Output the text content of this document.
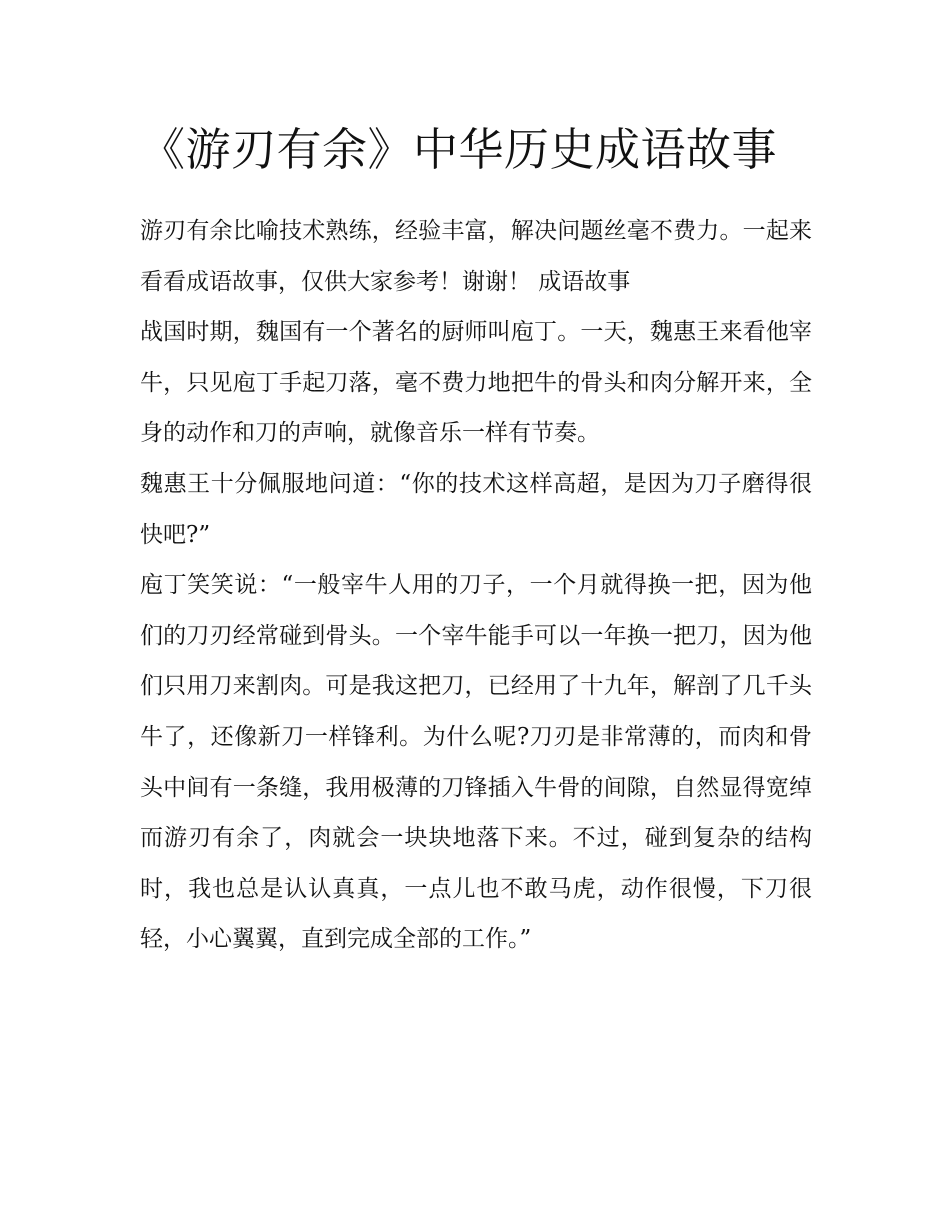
《游刃有余》中华历史成语故事

游刃有余比喻技术熟练，经验丰富，解决问题丝毫不费力。一起来看看成语故事，仅供大家参考！谢谢！ 成语故事

战国时期，魏国有一个著名的厨师叫庖丁。一天，魏惠王来看他宰牛，只见庖丁手起刀落，毫不费力地把牛的骨头和肉分解开来，全身的动作和刀的声响，就像音乐一样有节奏。

魏惠王十分佩服地问道：“你的技术这样高超，是因为刀子磨得很快吧?”

庖丁笑笑说：“一般宰牛人用的刀子，一个月就得换一把，因为他们的刀刃经常碰到骨头。一个宰牛能手可以一年换一把刀，因为他们只用刀来割肉。可是我这把刀，已经用了十九年，解剖了几千头牛了，还像新刀一样锋利。为什么呢?刀刃是非常薄的，而肉和骨头中间有一条缝，我用极薄的刀锋插入牛骨的间隙，自然显得宽绰而游刃有余了，肉就会一块块地落下来。不过，碰到复杂的结构时，我也总是认认真真，一点儿也不敢马虎，动作很慢，下刀很轻，小心翼翼，直到完成全部的工作。”
